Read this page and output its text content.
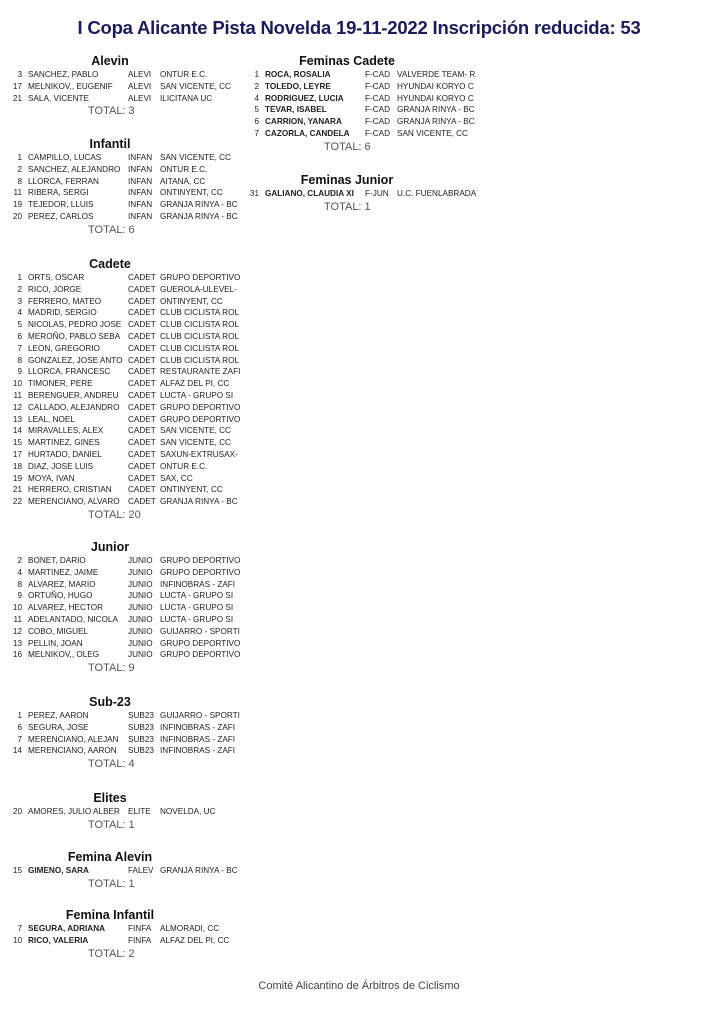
I Copa Alicante Pista Novelda 19-11-2022 Inscripción reducida: 53
Alevin
3 SANCHEZ, PABLO	ALEVI ONTUR E.C.
17 MELNIKOV,, EUGENIF ALEVI SAN VICENTE, CC
21 SALA, VICENTE	ALEVI ILICITANA UC
TOTAL: 3
Infantil
1 CAMPILLO, LUCAS	INFAN SAN VICENTE, CC
2 SANCHEZ, ALEJANDRO INFAN ONTUR E.C.
8 LLORCA, FERRAN	INFAN AITANA, CC
11 RIBERA, SERGI	INFAN ONTINYENT, CC
19 TEJEDOR, LLUIS	INFAN GRANJA RINYA - BC
20 PEREZ, CARLOS	INFAN GRANJA RINYA - BC
TOTAL: 6
Cadete
1 ORTS, OSCAR	CADET GRUPO DEPORTIVO
2 RICO, JORGE	CADET GUEROLA-ULEVEL-
3 FERRERO, MATEO	CADET ONTINYENT, CC
4 MADRID, SERGIO	CADET CLUB CICLISTA ROL
5 NICOLAS, PEDRO JOSE CADET CLUB CICLISTA ROL
6 MEROÑO, PABLO SEBA CADET CLUB CICLISTA ROL
7 LEON, GREGORIO	CADET CLUB CICLISTA ROL
8 GONZALEZ, JOSE ANTO CADET CLUB CICLISTA ROL
9 LLORCA, FRANCESC CADET RESTAURANTE ZAFI
10 TIMONER, PERE	CADET ALFAZ DEL PI, CC
11 BERENGUER, ANDREU CADET LUCTA - GRUPO SI
12 CALLADO, ALEJANDRO CADET GRUPO DEPORTIVO
13 LEAL, NOEL	CADET GRUPO DEPORTIVO
14 MIRAVALLES, ALEX	CADET SAN VICENTE, CC
15 MARTINEZ, GINES	CADET SAN VICENTE, CC
17 HURTADO, DANIEL	CADET SAXUN-EXTRUSAX-
18 DIAZ, JOSE LUIS	CADET ONTUR E.C.
19 MOYA, IVAN	CADET SAX, CC
21 HERRERO, CRISTIAN CADET ONTINYENT, CC
22 MERENCIANO, ALVARO CADET GRANJA RINYA - BC
TOTAL: 20
Junior
2 BONET, DARIO	JUNIO GRUPO DEPORTIVO
4 MARTINEZ, JAIME	JUNIO GRUPO DEPORTIVO
8 ALVAREZ, MARIO	JUNIO INFINOBRAS - ZAFI
9 ORTUÑO, HUGO	JUNIO LUCTA - GRUPO SI
10 ALVAREZ, HECTOR	JUNIO LUCTA - GRUPO SI
11 ADELANTADO, NICOLA JUNIO LUCTA - GRUPO SI
12 COBO, MIGUEL	JUNIO GUIJARRO - SPORTI
13 PELLIN, JOAN	JUNIO GRUPO DEPORTIVO
16 MELNIKOV,, OLEG	JUNIO GRUPO DEPORTIVO
TOTAL: 9
Sub-23
1 PEREZ, AARON	SUB23 GUIJARRO - SPORTI
6 SEGURA, JOSE	SUB23 INFINOBRAS - ZAFI
7 MERENCIANO, ALEJAN SUB23 INFINOBRAS - ZAFI
14 MERENCIANO, AARON SUB23 INFINOBRAS - ZAFI
TOTAL: 4
Elites
20 AMORES, JULIO ALBER ELITE NOVELDA, UC
TOTAL: 1
Femina Alevin
15 GIMENO, SARA	FALEV GRANJA RINYA - BC
TOTAL: 1
Femina Infantil
7 SEGURA, ADRIANA	FINFA ALMORADI, CC
10 RICO, VALERIA	FINFA ALFAZ DEL PI, CC
TOTAL: 2
Feminas Cadete
1 ROCA, ROSALIA	F-CAD VALVERDE TEAM- R
2 TOLEDO, LEYRE	F-CAD HYUNDAI KORYO C
4 RODRIGUEZ, LUCIA	F-CAD HYUNDAI KORYO C
5 TEVAR, ISABEL	F-CAD GRANJA RINYA - BC
6 CARRION, YANARA	F-CAD GRANJA RINYA - BC
7 CAZORLA, CANDELA F-CAD SAN VICENTE, CC
TOTAL: 6
Feminas Junior
31 GALIANO, CLAUDIA XI F-JUN U.C. FUENLABRADA
TOTAL: 1
Comité Alicantino de Árbitros de Ciclismo
